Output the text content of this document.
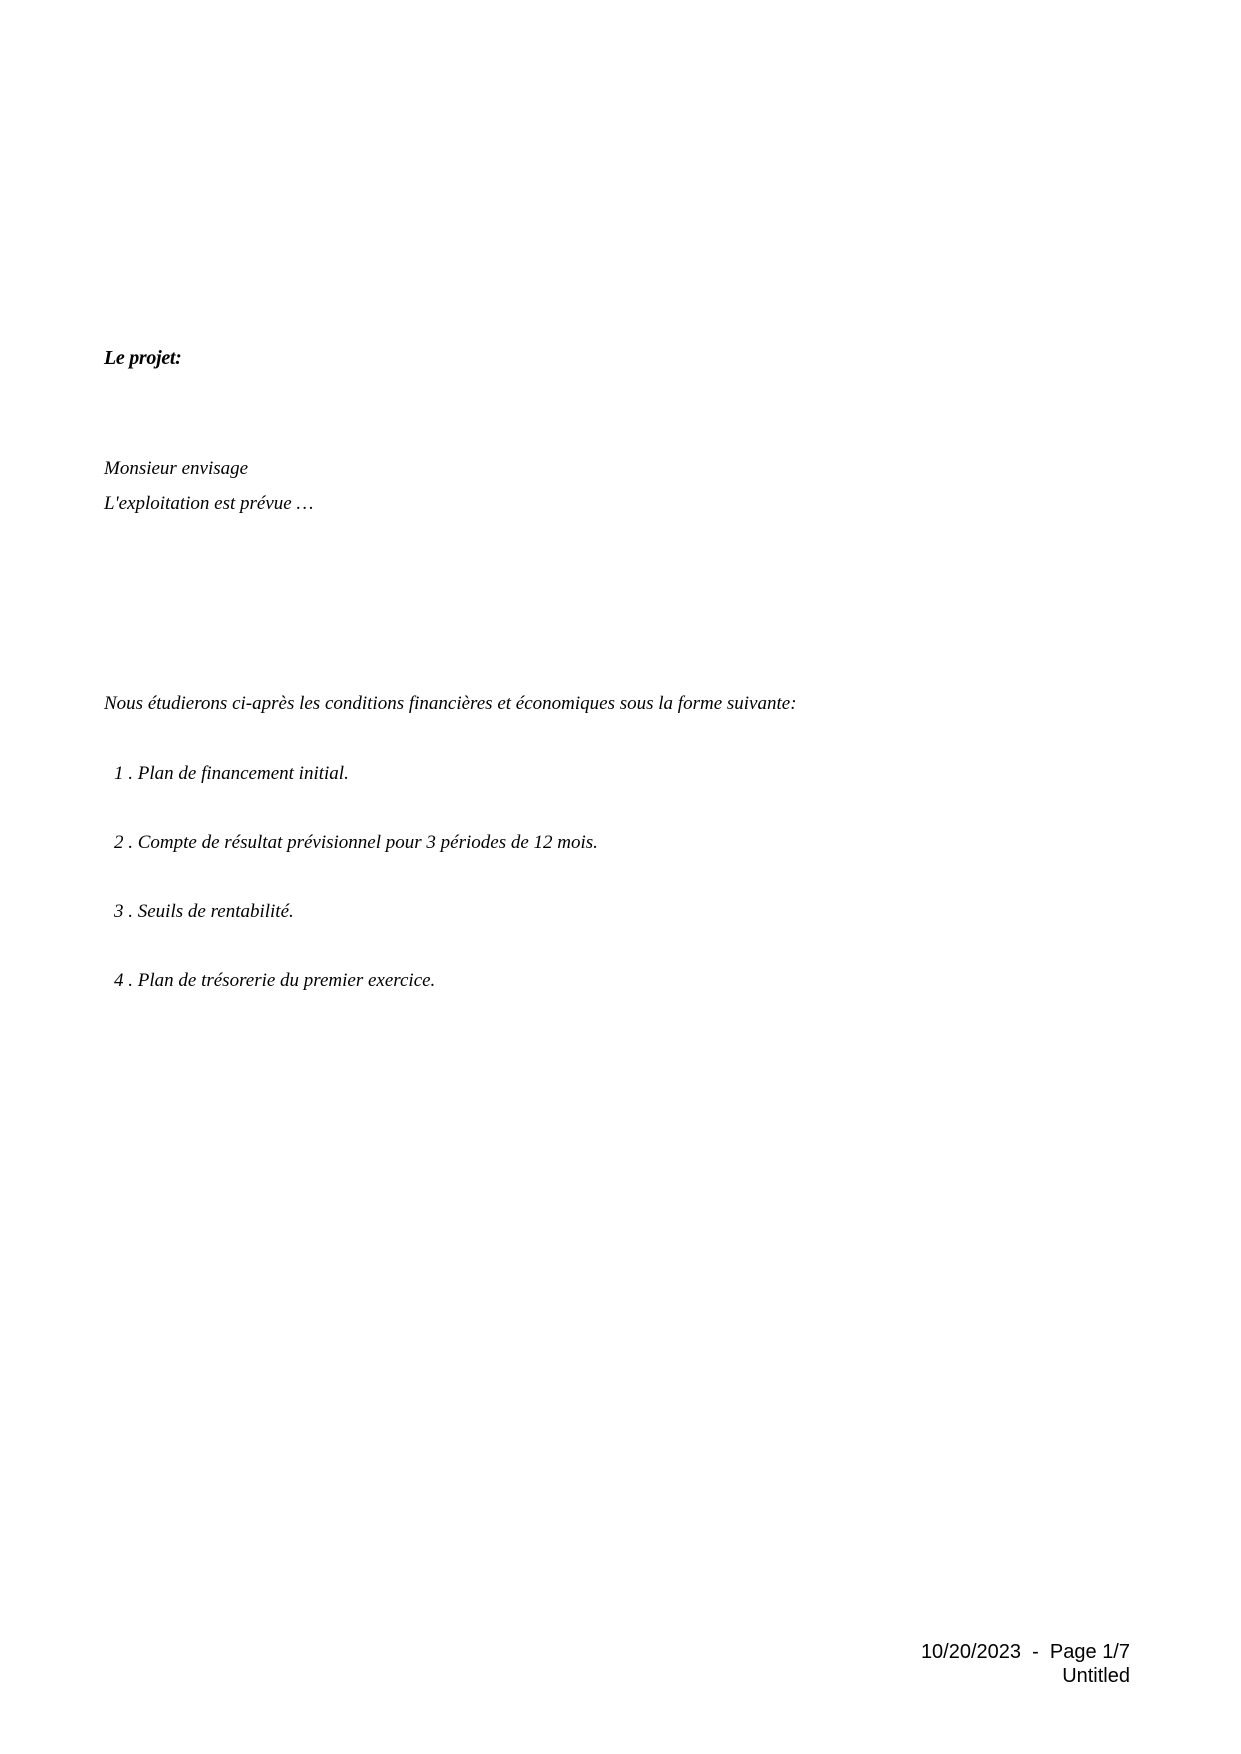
Le projet:

Monsieur envisage

L'exploitation est prévue …

Nous étudierons ci-après les conditions financières et économiques sous la forme suivante:

1 . Plan de financement initial.
2 . Compte de résultat prévisionnel pour 3 périodes de 12 mois.
3 . Seuils de rentabilité.
4 . Plan de trésorerie du premier exercice.
10/20/2023  -  Page 1/7
Untitled
